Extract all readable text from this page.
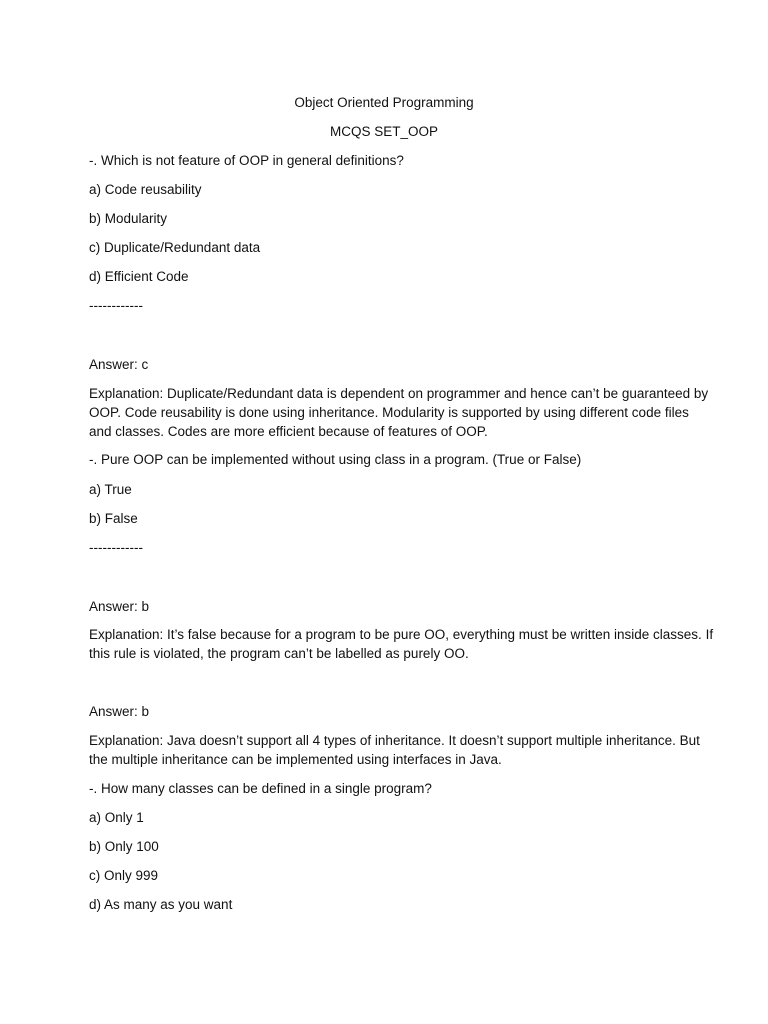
Object Oriented Programming
MCQS SET_OOP
-. Which is not feature of OOP in general definitions?
a) Code reusability
b) Modularity
c) Duplicate/Redundant data
d) Efficient Code
------------
Answer: c
Explanation: Duplicate/Redundant data is dependent on programmer and hence can’t be guaranteed by
OOP. Code reusability is done using inheritance. Modularity is supported by using different code files
and classes. Codes are more efficient because of features of OOP.
-. Pure OOP can be implemented without using class in a program. (True or False)
a) True
b) False
------------
Answer: b
Explanation: It’s false because for a program to be pure OO, everything must be written inside classes. If
this rule is violated, the program can’t be labelled as purely OO.
Answer: b
Explanation: Java doesn’t support all 4 types of inheritance. It doesn’t support multiple inheritance. But
the multiple inheritance can be implemented using interfaces in Java.
-. How many classes can be defined in a single program?
a) Only 1
b) Only 100
c) Only 999
d) As many as you want
